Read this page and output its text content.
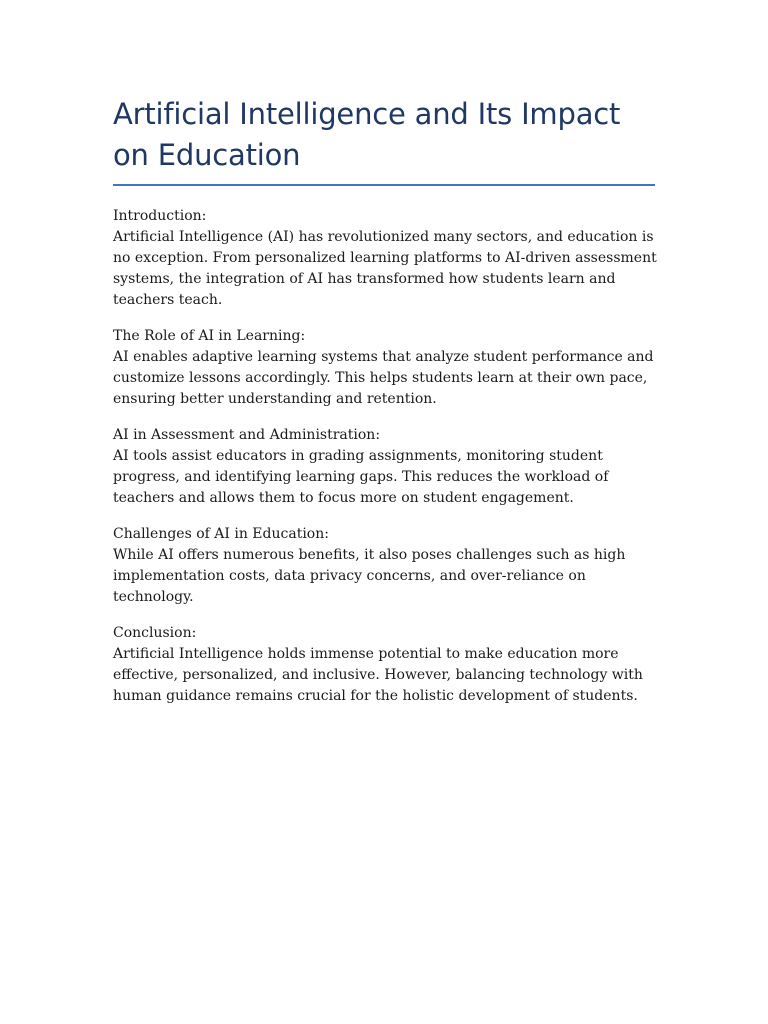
Artificial Intelligence and Its Impact on Education
Introduction:
Artificial Intelligence (AI) has revolutionized many sectors, and education is no exception. From personalized learning platforms to AI-driven assessment systems, the integration of AI has transformed how students learn and teachers teach.
The Role of AI in Learning:
AI enables adaptive learning systems that analyze student performance and customize lessons accordingly. This helps students learn at their own pace, ensuring better understanding and retention.
AI in Assessment and Administration:
AI tools assist educators in grading assignments, monitoring student progress, and identifying learning gaps. This reduces the workload of teachers and allows them to focus more on student engagement.
Challenges of AI in Education:
While AI offers numerous benefits, it also poses challenges such as high implementation costs, data privacy concerns, and over-reliance on technology.
Conclusion:
Artificial Intelligence holds immense potential to make education more effective, personalized, and inclusive. However, balancing technology with human guidance remains crucial for the holistic development of students.
